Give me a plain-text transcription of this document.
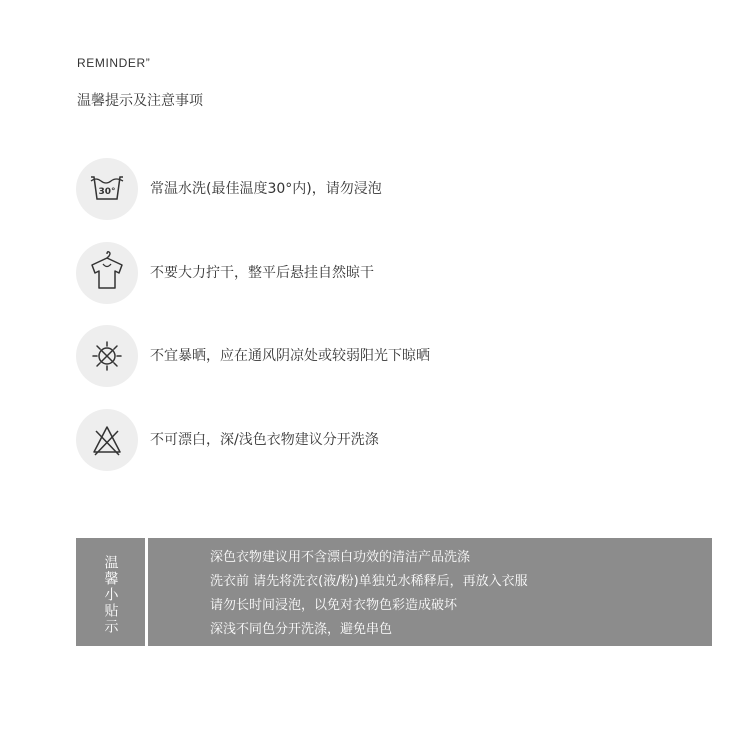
REMINDER”
温馨提示及注意事项
30° 常温水洗(最佳温度30°内)，请勿浸泡
不要大力拧干，整平后悬挂自然晾干
不宜暴晒，应在通风阴凉处或较弱阳光下晾晒
不可漂白，深/浅色衣物建议分开洗涤
温馨小贴示	深色衣物建议用不含漂白功效的清洁产品洗涤
洗衣前 请先将洗衣(液/粉)单独兑水稀释后，再放入衣服
请勿长时间浸泡，以免对衣物色彩造成破坏
深浅不同色分开洗涤，避免串色
